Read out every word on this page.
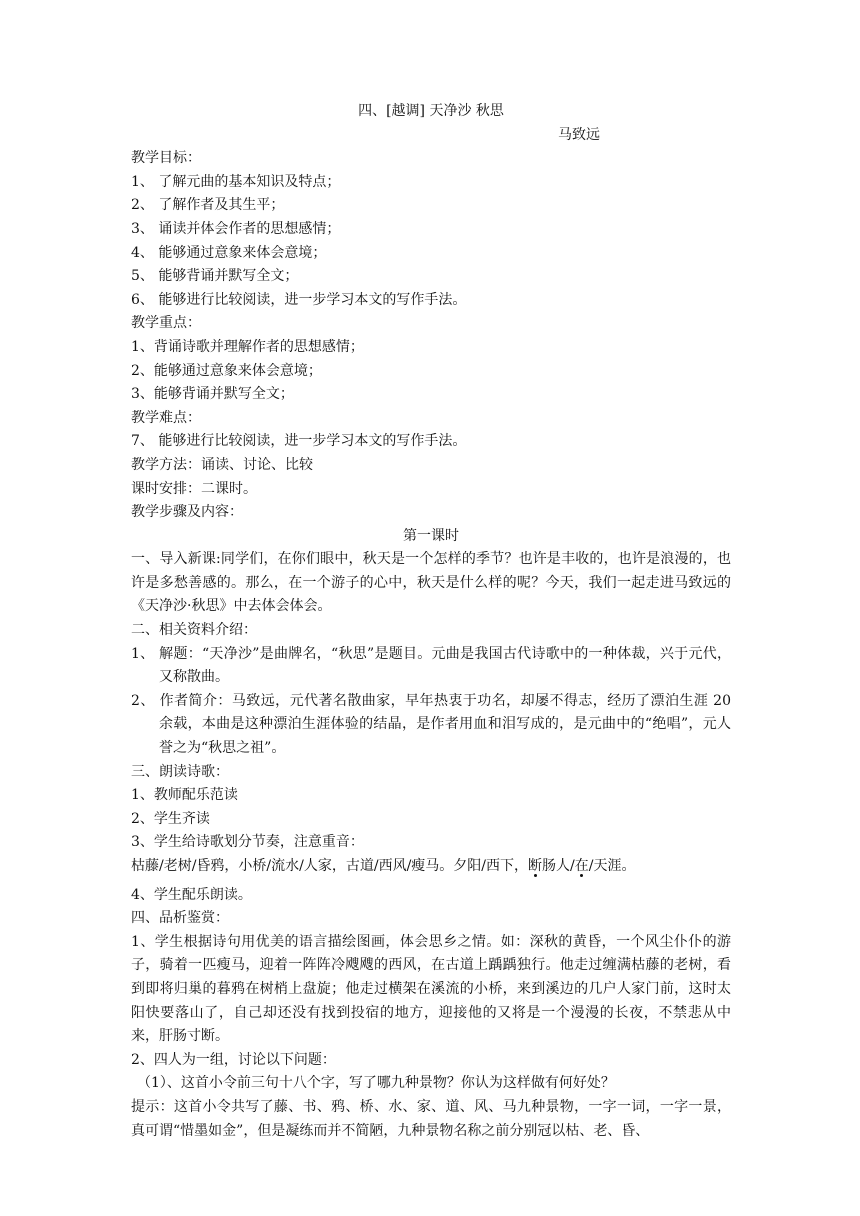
四、[越调] 天净沙 秋思

马致远

教学目标：

1、 了解元曲的基本知识及特点；

2、 了解作者及其生平；

3、 诵读并体会作者的思想感情；

4、 能够通过意象来体会意境；

5、 能够背诵并默写全文；

6、 能够进行比较阅读，进一步学习本文的写作手法。

教学重点：

1、背诵诗歌并理解作者的思想感情；

2、能够通过意象来体会意境；

3、能够背诵并默写全文；

教学难点：

7、 能够进行比较阅读，进一步学习本文的写作手法。

教学方法：诵读、讨论、比较

课时安排：二课时。

教学步骤及内容：

第一课时

一、导入新课:同学们，在你们眼中，秋天是一个怎样的季节？也许是丰收的，也许是浪漫的，也许是多愁善感的。那么，在一个游子的心中，秋天是什么样的呢？今天，我们一起走进马致远的《天净沙·秋思》中去体会体会。

二、相关资料介绍：

1、 解题：“天净沙”是曲牌名，“秋思”是题目。元曲是我国古代诗歌中的一种体裁，兴于元代，又称散曲。

2、 作者简介：马致远，元代著名散曲家，早年热衷于功名，却屡不得志，经历了漂泊生涯 20 余载，本曲是这种漂泊生涯体验的结晶，是作者用血和泪写成的，是元曲中的“绝唱”，元人誉之为“秋思之祖”。

三、朗读诗歌：

1、教师配乐范读

2、学生齐读

3、学生给诗歌划分节奏，注意重音：

枯藤/老树/昏鸦，小桥/流水/人家，古道/西风/瘦马。夕阳/西下，断肠人/在/天涯。

4、学生配乐朗读。

四、品析鉴赏：

1、学生根据诗句用优美的语言描绘图画，体会思乡之情。如：深秋的黄昏，一个风尘仆仆的游子，骑着一匹瘦马，迎着一阵阵冷飕飕的西风，在古道上踽踽独行。他走过缠满枯藤的老树，看到即将归巢的暮鸦在树梢上盘旋；他走过横架在溪流的小桥，来到溪边的几户人家门前，这时太阳快要落山了，自己却还没有找到投宿的地方，迎接他的又将是一个漫漫的长夜，不禁悲从中来，肝肠寸断。

2、四人为一组，讨论以下问题：

（1）、这首小令前三句十八个字，写了哪九种景物？你认为这样做有何好处？

提示：这首小令共写了藤、书、鸦、桥、水、家、道、风、马九种景物，一字一词，一字一景，真可谓“惜墨如金”，但是凝练而并不简陋，九种景物名称之前分别冠以枯、老、昏、
